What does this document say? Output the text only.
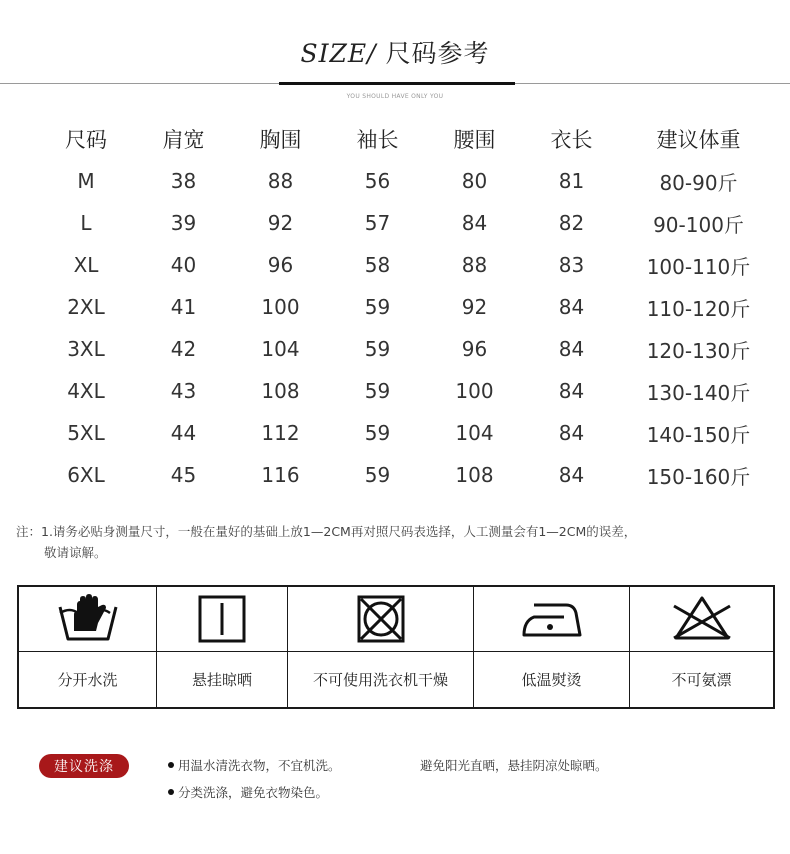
SIZE/ 尺码参考
YOU SHOULD HAVE ONLY YOU
尺码	肩宽	胸围	袖长	腰围	衣长	建议体重
M	38	88	56	80	81	80-90斤
L	39	92	57	84	82	90-100斤
XL	40	96	58	88	83	100-110斤
2XL	41	100	59	92	84	110-120斤
3XL	42	104	59	96	84	120-130斤
4XL	43	108	59	100	84	130-140斤
5XL	44	112	59	104	84	140-150斤
6XL	45	116	59	108	84	150-160斤
注：1.请务必贴身测量尺寸，一般在量好的基础上放1—2CM再对照尺码表选择，人工测量会有1—2CM的误差，
敬请谅解。
分开水洗	悬挂晾晒	不可使用洗衣机干燥	低温熨烫	不可氨漂
建议洗涤	用温水清洗衣物，不宜机洗。	避免阳光直晒，悬挂阴凉处晾晒。
分类洗涤，避免衣物染色。
